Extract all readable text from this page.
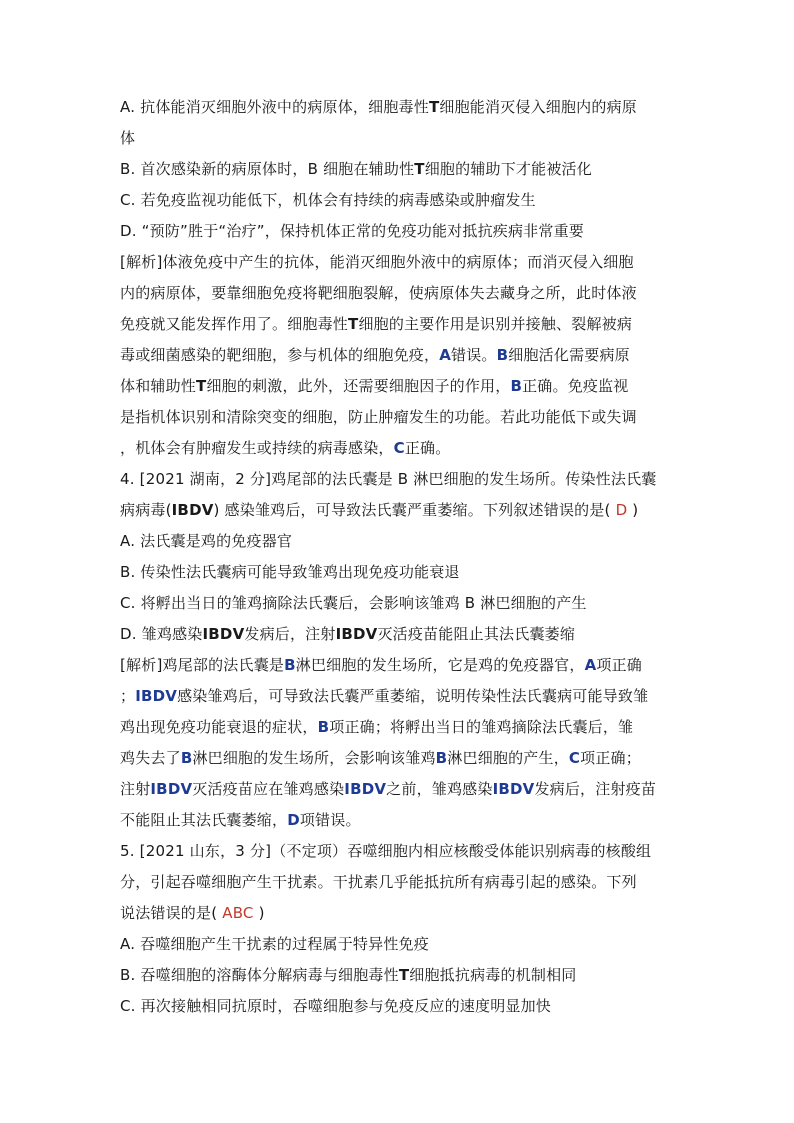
A. 抗体能消灭细胞外液中的病原体，细胞毒性T细胞能消灭侵入细胞内的病原
体
B. 首次感染新的病原体时，B 细胞在辅助性T细胞的辅助下才能被活化
C. 若免疫监视功能低下，机体会有持续的病毒感染或肿瘤发生
D. “预防”胜于“治疗”，保持机体正常的免疫功能对抵抗疾病非常重要
[解析]体液免疫中产生的抗体，能消灭细胞外液中的病原体；而消灭侵入细胞
内的病原体，要靠细胞免疫将靶细胞裂解，使病原体失去藏身之所，此时体液
免疫就又能发挥作用了。细胞毒性T细胞的主要作用是识别并接触、裂解被病
毒或细菌感染的靶细胞，参与机体的细胞免疫，A错误。B细胞活化需要病原
体和辅助性T细胞的刺激，此外，还需要细胞因子的作用，B正确。免疫监视
是指机体识别和清除突变的细胞，防止肿瘤发生的功能。若此功能低下或失调
，机体会有肿瘤发生或持续的病毒感染，C正确。
4. [2021 湖南，2 分]鸡尾部的法氏囊是 B 淋巴细胞的发生场所。传染性法氏囊
病病毒(IBDV) 感染雏鸡后，可导致法氏囊严重萎缩。下列叙述错误的是( D )
A. 法氏囊是鸡的免疫器官
B. 传染性法氏囊病可能导致雏鸡出现免疫功能衰退
C. 将孵出当日的雏鸡摘除法氏囊后，会影响该雏鸡 B 淋巴细胞的产生
D. 雏鸡感染IBDV发病后，注射IBDV灭活疫苗能阻止其法氏囊萎缩
[解析]鸡尾部的法氏囊是B淋巴细胞的发生场所，它是鸡的免疫器官，A项正确
；IBDV感染雏鸡后，可导致法氏囊严重萎缩，说明传染性法氏囊病可能导致雏
鸡出现免疫功能衰退的症状，B项正确；将孵出当日的雏鸡摘除法氏囊后，雏
鸡失去了B淋巴细胞的发生场所，会影响该雏鸡B淋巴细胞的产生，C项正确；
注射IBDV灭活疫苗应在雏鸡感染IBDV之前，雏鸡感染IBDV发病后，注射疫苗
不能阻止其法氏囊萎缩，D项错误。
5. [2021 山东，3 分]（不定项）吞噬细胞内相应核酸受体能识别病毒的核酸组
分，引起吞噬细胞产生干扰素。干扰素几乎能抵抗所有病毒引起的感染。下列
说法错误的是( ABC )
A. 吞噬细胞产生干扰素的过程属于特异性免疫
B. 吞噬细胞的溶酶体分解病毒与细胞毒性T细胞抵抗病毒的机制相同
C. 再次接触相同抗原时，吞噬细胞参与免疫反应的速度明显加快
